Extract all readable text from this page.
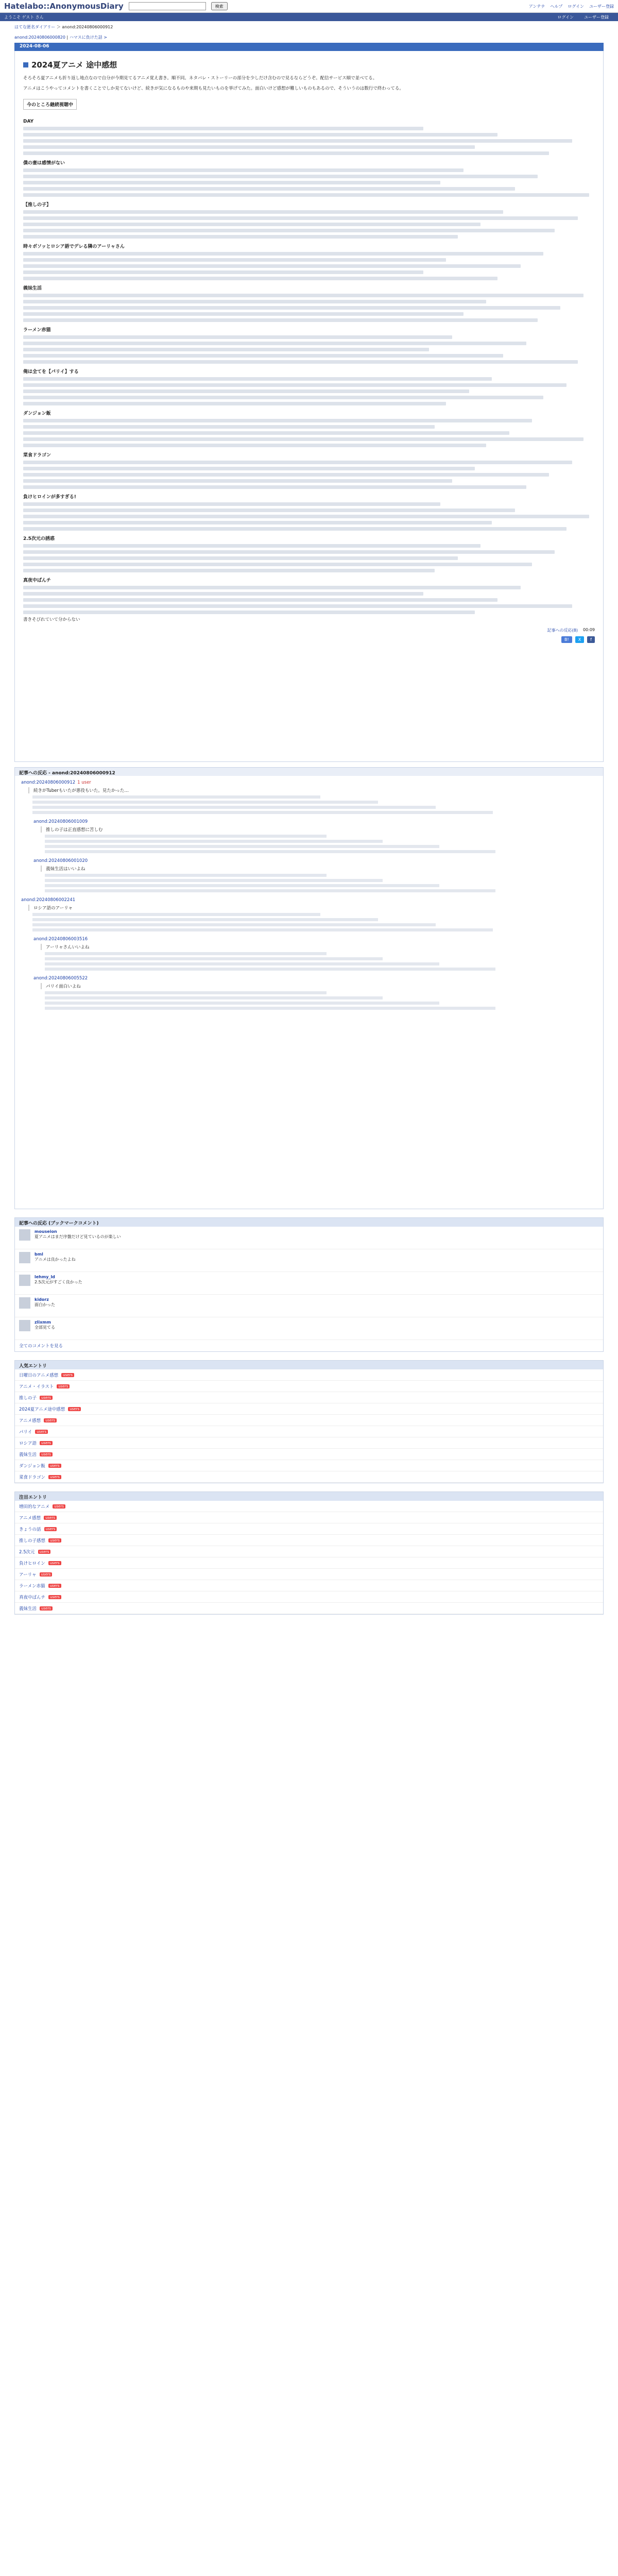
Hatelabo::AnonymousDiary	検索	アンテナ ヘルプ ログイン ユーザー登録
ようこそ ゲスト さん	ログイン	ユーザー登録
はてな匿名ダイアリー ＞ anond:20240806000912
anond:20240806000820 | ハマスに負けた話 >
2024-08-06
2024夏アニメ 途中感想
そろそろ夏アニメも折り返し地点なので自分が今期見てるアニメ覚え書き。順不同。ネタバレ・ストーリーの部分を少しだけ含むので見るならどうぞ。配信サービス順で並べてる。
アニメはこうやってコメントを書くことでしか見てないけど、続きが気になるものや来期も見たいものを挙げてみた。面白いけど感想が難しいものもあるので、そういうのは数行で終わってる。
今のところ継続視聴中
DAY
僕の妻は感情がない
【推しの子】
時々ボソッとロシア語でデレる隣のアーリャさん
義妹生活
ラーメン赤猫
俺は全てを【パリイ】する
ダンジョン飯
菜食ドラゴン
負けヒロインが多すぎる!
2.5次元の誘惑
真夜中ぱんチ
書きそびれていて分からない
記事への反応(8) 00:09
B!	X	f
記事への反応 - anond:20240806000912
anond:20240806000912 1 user
続きがTuberもいたが悪役もいた。見たかった…
anond:20240806001009
推しの子は正直感想に苦しむ
anond:20240806001020
義妹生活はいいよね
anond:20240806002241
ロシア語のアーリャ
anond:20240806003516
アーリャさんいいよね
anond:20240806005522
パリイ面白いよね
記事への反応 (ブックマークコメント)
mouseion
夏アニメはまだ序盤だけど見ているのが楽しい
bml
アニメは良かったよね
lehmy_ld
2.5次元がすごく良かった
kidorz
面白かった
zlixmm
全部見てる
全てのコメントを見る
人気エントリ
日曜日のアニメ感想	users
アニメ・イラスト	users
推しの子	users
2024夏アニメ途中感想	users
アニメ感想	users
パリイ	users
ロシア語	users
義妹生活	users
ダンジョン飯	users
菜食ドラゴン	users
注目エントリ
増田的なアニメ	users
アニメ感想	users
きょうの話	users
推しの子感想	users
2.5次元	users
負けヒロイン	users
アーリャ	users
ラーメン赤猫	users
真夜中ぱんチ	users
義妹生活	users
